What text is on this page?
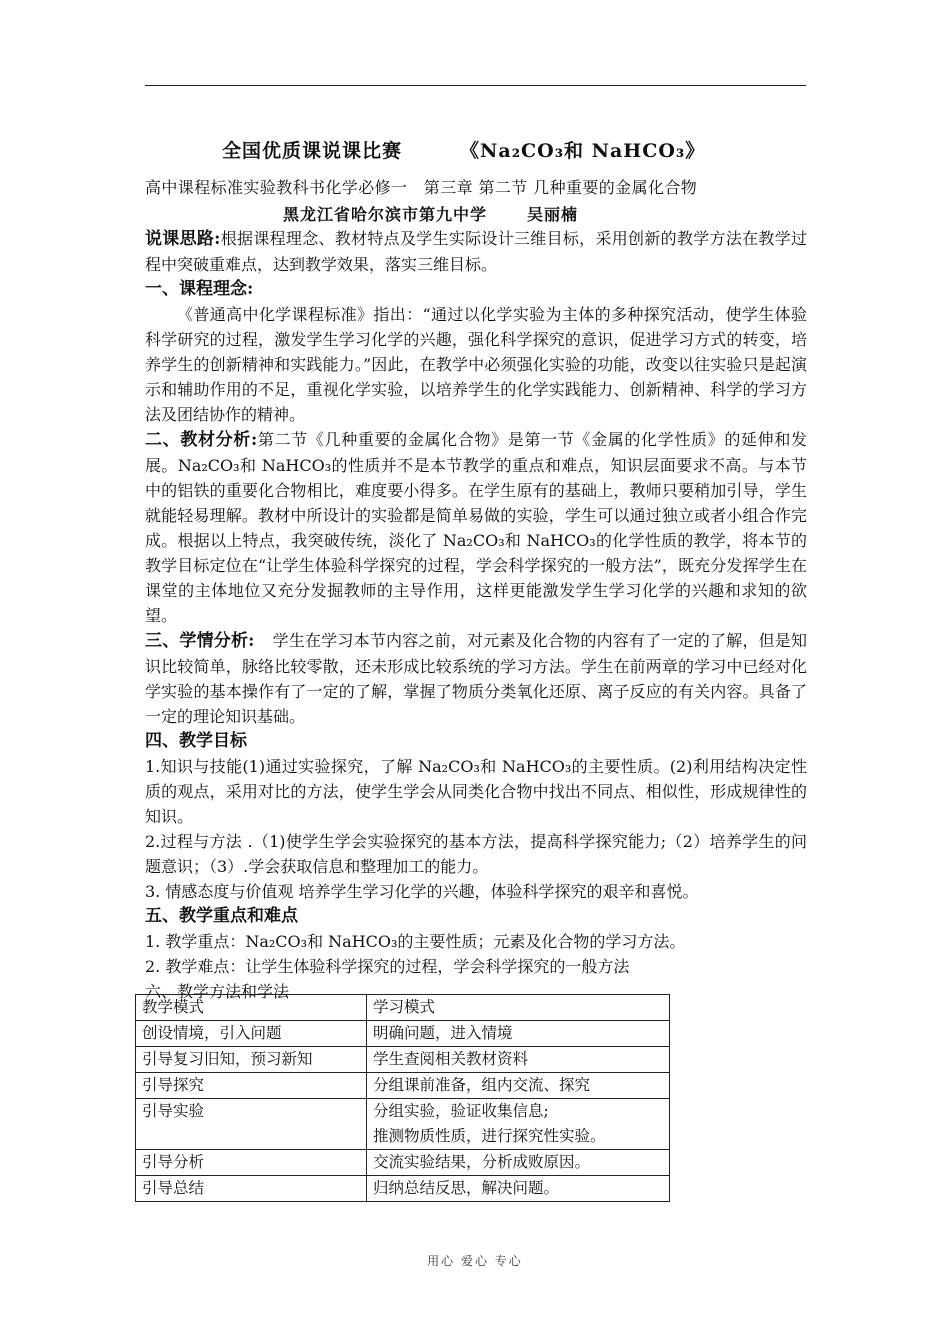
全国优质课说课比赛	《Na₂CO₃和 NaHCO₃》
高中课程标准实验教科书化学必修一　第三章 第二节 几种重要的金属化合物
黑龙江省哈尔滨市第九中学	吴丽楠
说课思路:根据课程理念、教材特点及学生实际设计三维目标，采用创新的教学方法在教学过程中突破重难点，达到教学效果，落实三维目标。
一、课程理念:
《普通高中化学课程标准》指出：“通过以化学实验为主体的多种探究活动，使学生体验科学研究的过程，激发学生学习化学的兴趣，强化科学探究的意识，促进学习方式的转变，培养学生的创新精神和实践能力。”因此，在教学中必须强化实验的功能，改变以往实验只是起演示和辅助作用的不足，重视化学实验，以培养学生的化学实践能力、创新精神、科学的学习方法及团结协作的精神。
二、教材分析:第二节《几种重要的金属化合物》是第一节《金属的化学性质》的延伸和发展。Na₂CO₃和 NaHCO₃的性质并不是本节教学的重点和难点，知识层面要求不高。与本节中的铝铁的重要化合物相比，难度要小得多。在学生原有的基础上，教师只要稍加引导，学生就能轻易理解。教材中所设计的实验都是简单易做的实验，学生可以通过独立或者小组合作完成。根据以上特点，我突破传统，淡化了 Na₂CO₃和 NaHCO₃的化学性质的教学，将本节的教学目标定位在“让学生体验科学探究的过程，学会科学探究的一般方法”，既充分发挥学生在课堂的主体地位又充分发掘教师的主导作用，这样更能激发学生学习化学的兴趣和求知的欲望。
三、学情分析: 学生在学习本节内容之前，对元素及化合物的内容有了一定的了解，但是知识比较简单，脉络比较零散，还未形成比较系统的学习方法。学生在前两章的学习中已经对化学实验的基本操作有了一定的了解，掌握了物质分类氧化还原、离子反应的有关内容。具备了一定的理论知识基础。
四、教学目标
1.知识与技能(1)通过实验探究，了解 Na₂CO₃和 NaHCO₃的主要性质。(2)利用结构决定性质的观点，采用对比的方法，使学生学会从同类化合物中找出不同点、相似性，形成规律性的知识。
2.过程与方法 .（1)使学生学会实验探究的基本方法，提高科学探究能力;（2）培养学生的问题意识；（3）.学会获取信息和整理加工的能力。
3. 情感态度与价值观 培养学生学习化学的兴趣，体验科学探究的艰辛和喜悦。
五、教学重点和难点
1. 教学重点：Na₂CO₃和 NaHCO₃的主要性质；元素及化合物的学习方法。
2. 教学难点：让学生体验科学探究的过程，学会科学探究的一般方法
六、教学方法和学法
教学模式	学习模式
创设情境，引入问题	明确问题，进入情境
引导复习旧知，预习新知	学生查阅相关教材资料
引导探究	分组课前准备，组内交流、探究
引导实验	分组实验，验证收集信息;
推测物质性质，进行探究性实验。
引导分析	交流实验结果，分析成败原因。
引导总结	归纳总结反思，解决问题。
用心 爱心 专心
